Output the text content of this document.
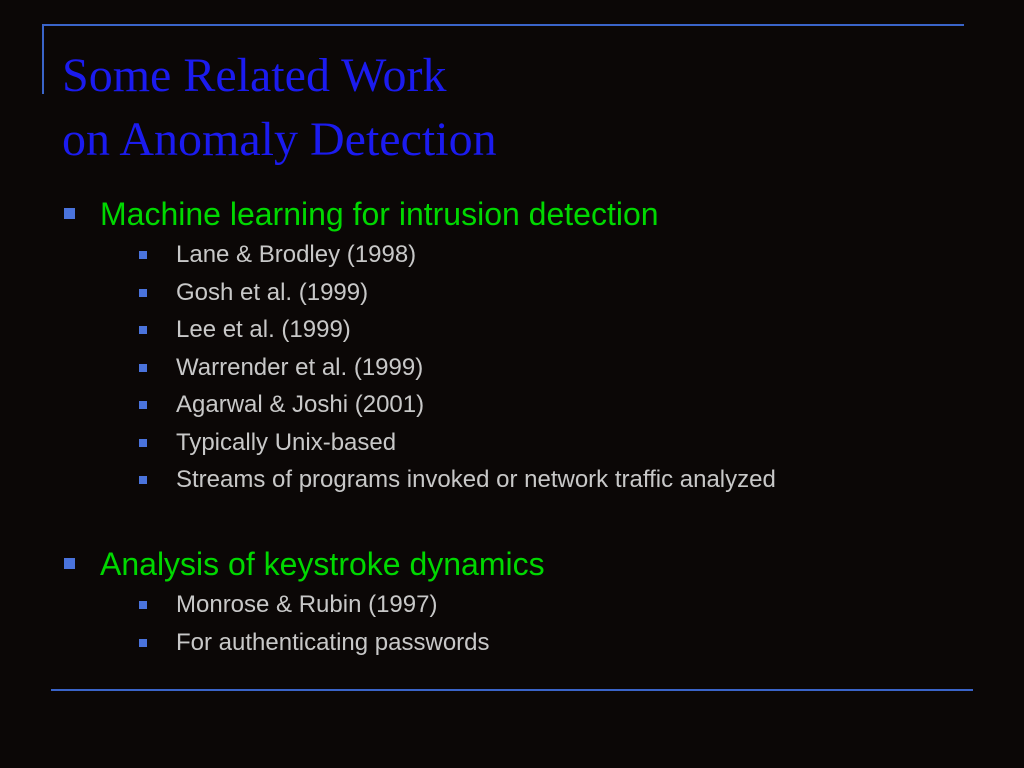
Some Related Work
on Anomaly Detection
Machine learning for intrusion detection
Lane & Brodley (1998)
Gosh et al. (1999)
Lee et al. (1999)
Warrender et al. (1999)
Agarwal & Joshi (2001)
Typically Unix-based
Streams of programs invoked or network traffic analyzed
Analysis of keystroke dynamics
Monrose & Rubin (1997)
For authenticating passwords
